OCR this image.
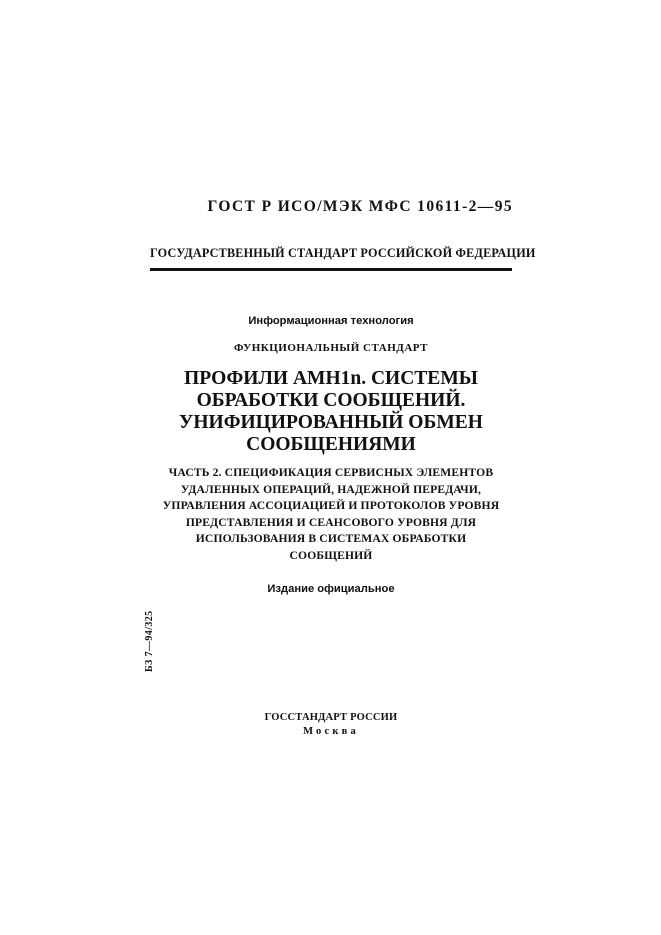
ГОСТ Р ИСО/МЭК МФС 10611-2—95
ГОСУДАРСТВЕННЫЙ СТАНДАРТ РОССИЙСКОЙ ФЕДЕРАЦИИ
Информационная технология
ФУНКЦИОНАЛЬНЫЙ СТАНДАРТ
ПРОФИЛИ АМН1n. СИСТЕМЫ
ОБРАБОТКИ СООБЩЕНИЙ.
УНИФИЦИРОВАННЫЙ ОБМЕН
СООБЩЕНИЯМИ
ЧАСТЬ 2. СПЕЦИФИКАЦИЯ СЕРВИСНЫХ ЭЛЕМЕНТОВ
УДАЛЕННЫХ ОПЕРАЦИЙ, НАДЕЖНОЙ ПЕРЕДАЧИ,
УПРАВЛЕНИЯ АССОЦИАЦИЕЙ И ПРОТОКОЛОВ УРОВНЯ
ПРЕДСТАВЛЕНИЯ И СЕАНСОВОГО УРОВНЯ ДЛЯ
ИСПОЛЬЗОВАНИЯ В СИСТЕМАХ ОБРАБОТКИ
СООБЩЕНИЙ
Издание официальное
БЗ 7—94/325
ГОССТАНДАРТ РОССИИ
Москва
